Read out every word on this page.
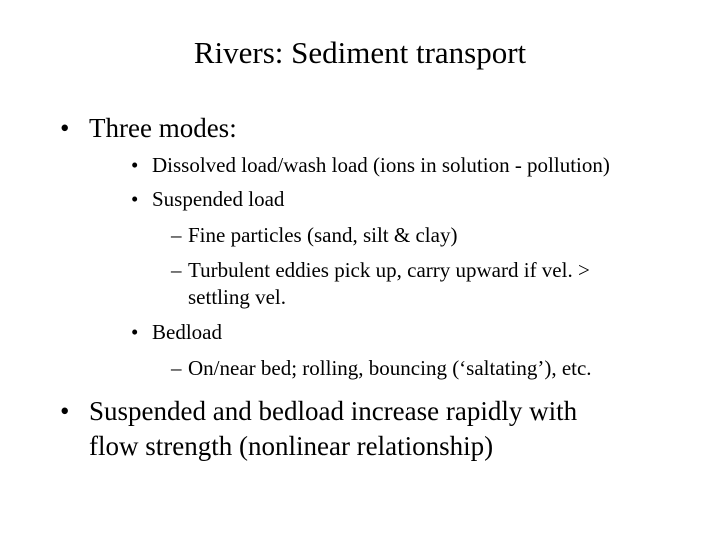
Rivers: Sediment transport
• Three modes:
• Dissolved load/wash load (ions in solution - pollution)
• Suspended load
– Fine particles (sand, silt & clay)
– Turbulent eddies pick up, carry upward if vel. >
settling vel.
• Bedload
– On/near bed; rolling, bouncing (‘saltating’), etc.
• Suspended and bedload increase rapidly with
flow strength (nonlinear relationship)
